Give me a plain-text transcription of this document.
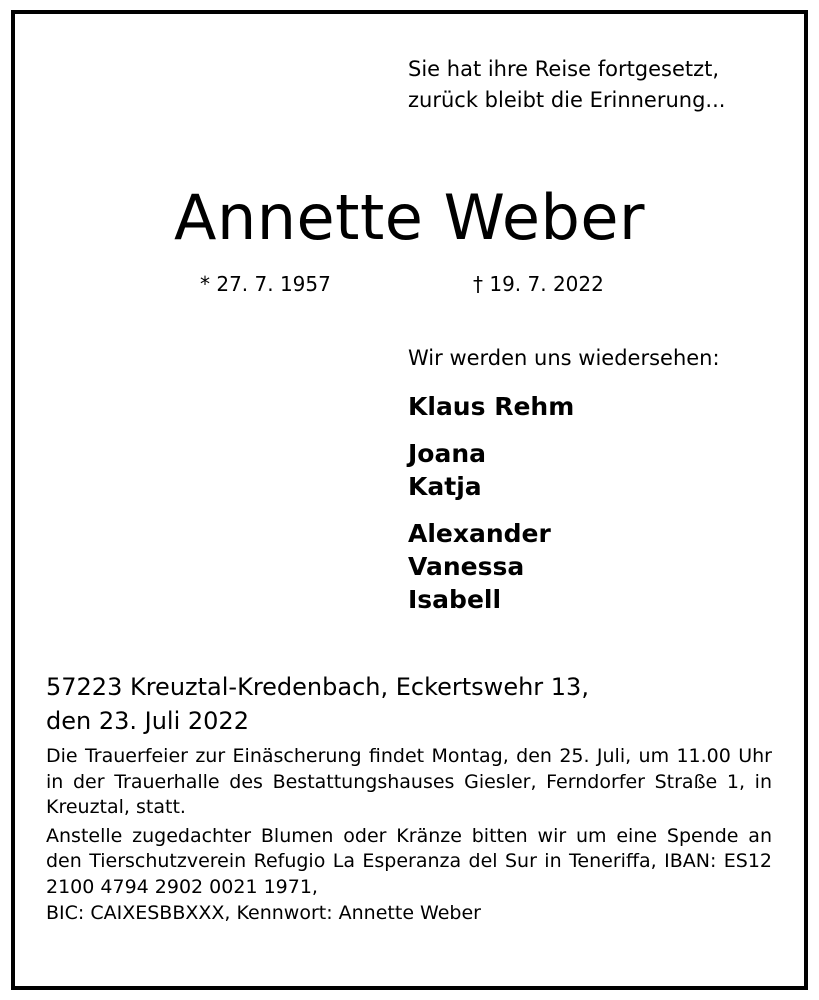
Sie hat ihre Reise fortgesetzt,
zurück bleibt die Erinnerung...
Annette Weber
* 27. 7. 1957	† 19. 7. 2022
Wir werden uns wiedersehen:
Klaus Rehm
Joana
Katja
Alexander
Vanessa
Isabell
57223 Kreuztal-Kredenbach, Eckertswehr 13,
den 23. Juli 2022

Die Trauerfeier zur Einäscherung findet Montag, den 25. Juli, um 11.00 Uhr in der Trauerhalle des Bestattungshauses Giesler, Ferndorfer Straße 1, in Kreuztal, statt.

Anstelle zugedachter Blumen oder Kränze bitten wir um eine Spende an den Tierschutzverein Refugio La Esperanza del Sur in Teneriffa, IBAN: ES12 2100 4794 2902 0021 1971,
BIC: CAIXESBBXXX, Kennwort: Annette Weber
